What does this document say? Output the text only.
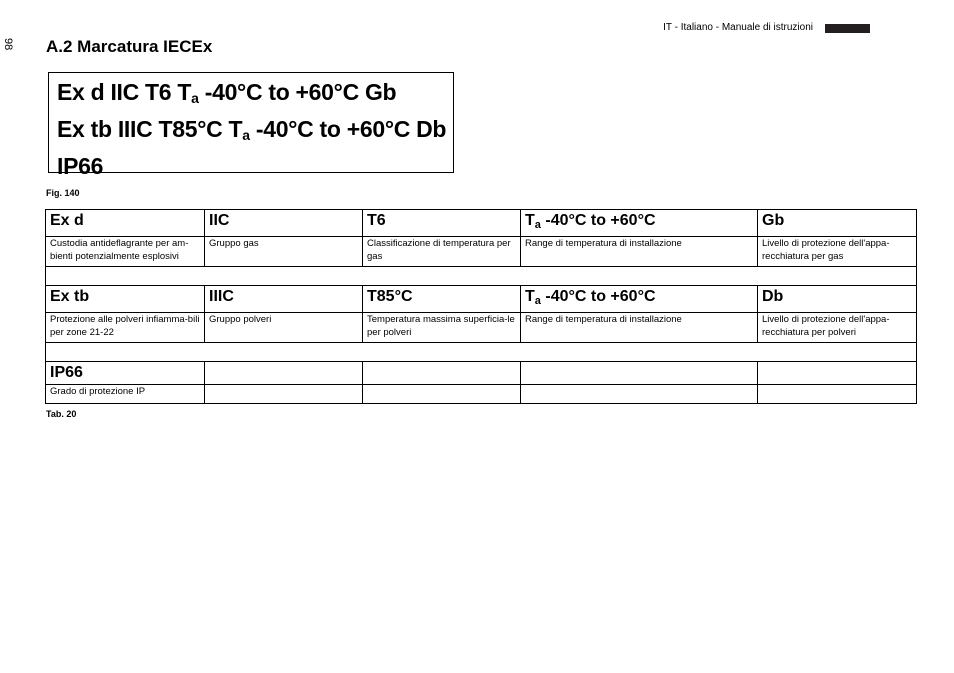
IT - Italiano - Manuale di istruzioni
98 A.2 Marcatura IECEx
Ex d IIC T6 $T_a$ -40°C to +60°C Gb
Ex tb IIIC T85°C $T_a$ -40°C to +60°C Db
IP66
Fig. 140
Ex d	IIC	T6	$T_a$ -40°C to +60°C	Gb
Custodia antideflagrante per am-bienti potenzialmente esplosivi	Gruppo gas	Classificazione di temperatura per gas	Range di temperatura di installazione	Livello di protezione dell'appa-recchiatura per gas

Ex tb	IIIC	T85°C	$T_a$ -40°C to +60°C	Db
Protezione alle polveri infiamma-bili per zone 21-22	Gruppo polveri	Temperatura massima superficia-le per polveri	Range di temperatura di installazione	Livello di protezione dell'appa-recchiatura per polveri

IP66				
Grado di protezione IP				
Tab. 20
